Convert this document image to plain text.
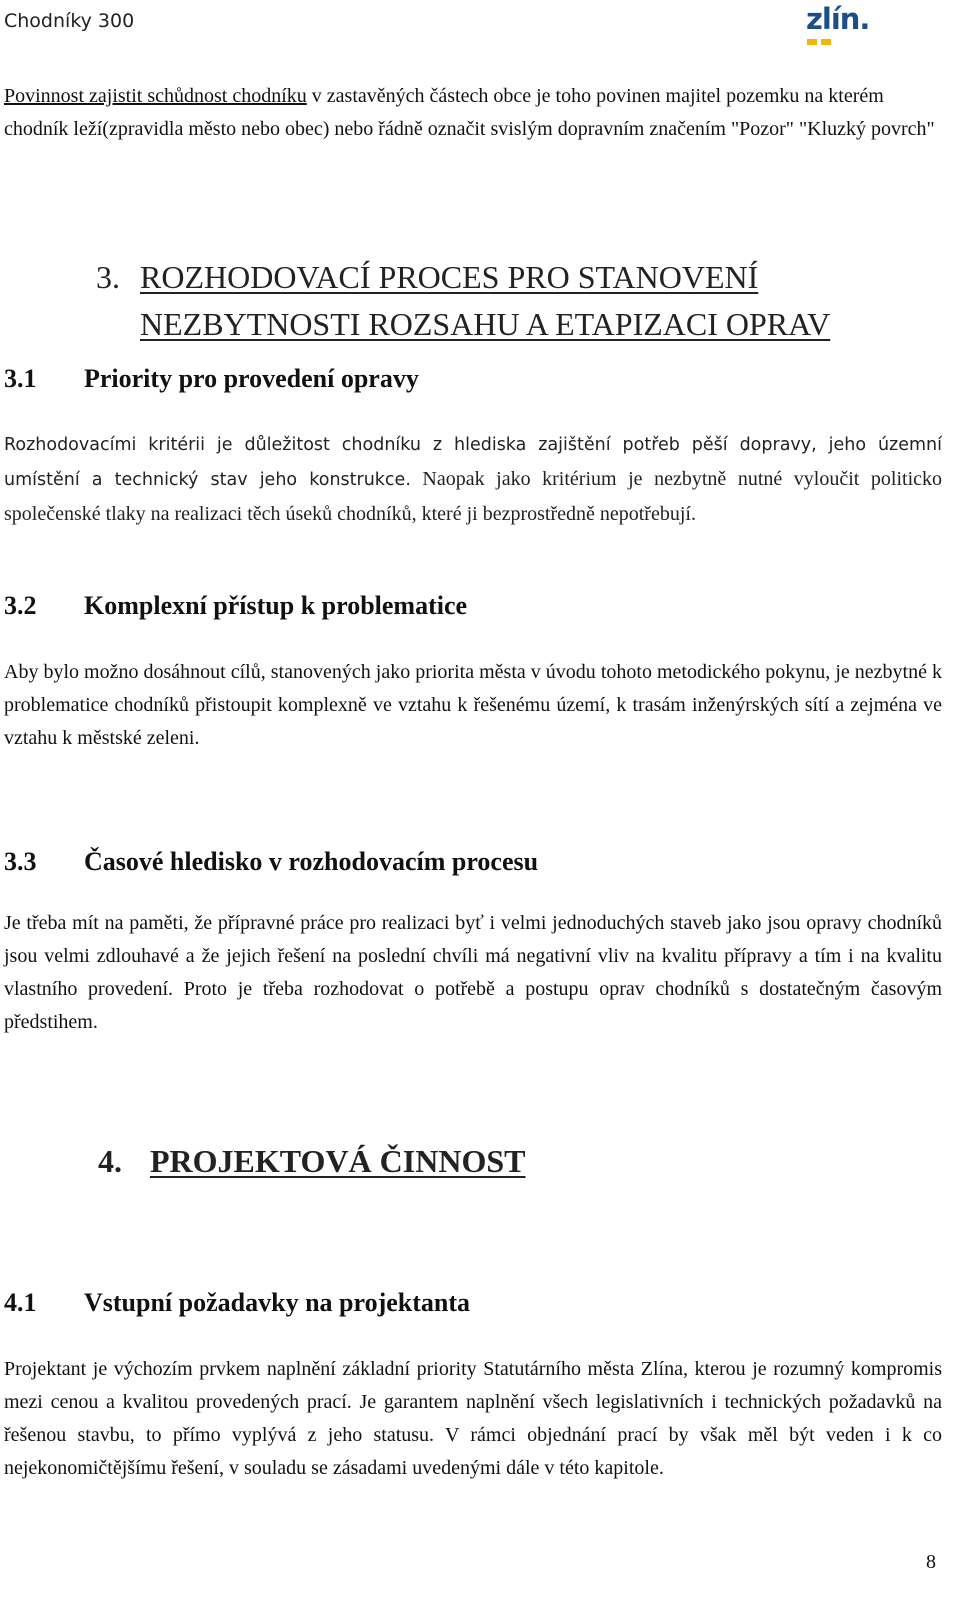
Chodníky 300	zlín.

Povinnost zajistit schůdnost chodníku v zastavěných částech obce je toho povinen majitel pozemku na kterém chodník leží(zpravidla město nebo obec) nebo řádně označit svislým dopravním značením "Pozor" "Kluzký povrch"

3. ROZHODOVACÍ PROCES PRO STANOVENÍ
NEZBYTNOSTI ROZSAHU A ETAPIZACI OPRAV
3.1 Priority pro provedení opravy

Rozhodovacími kritérii je důležitost chodníku z hlediska zajištění potřeb pěší dopravy, jeho územní umístění a technický stav jeho konstrukce. Naopak jako kritérium je nezbytně nutné vyloučit politicko společenské tlaky na realizaci těch úseků chodníků, které ji bezprostředně nepotřebují.

3.2 Komplexní přístup k problematice

Aby bylo možno dosáhnout cílů, stanovených jako priorita města v úvodu tohoto metodického pokynu, je nezbytné k problematice chodníků přistoupit komplexně ve vztahu k řešenému území, k trasám inženýrských sítí a zejména ve vztahu k městské zeleni.

3.3 Časové hledisko v rozhodovacím procesu

Je třeba mít na paměti, že přípravné práce pro realizaci byť i velmi jednoduchých staveb jako jsou opravy chodníků jsou velmi zdlouhavé a že jejich řešení na poslední chvíli má negativní vliv na kvalitu přípravy a tím i na kvalitu vlastního provedení. Proto je třeba rozhodovat o potřebě a postupu oprav chodníků s dostatečným časovým předstihem.

4. PROJEKTOVÁ ČINNOST
4.1 Vstupní požadavky na projektanta

Projektant je výchozím prvkem naplnění základní priority Statutárního města Zlína, kterou je rozumný kompromis mezi cenou a kvalitou provedených prací. Je garantem naplnění všech legislativních i technických požadavků na řešenou stavbu, to přímo vyplývá z jeho statusu. V rámci objednání prací by však měl být veden i k co nejekonomičtějšímu řešení, v souladu se zásadami uvedenými dále v této kapitole.

8
